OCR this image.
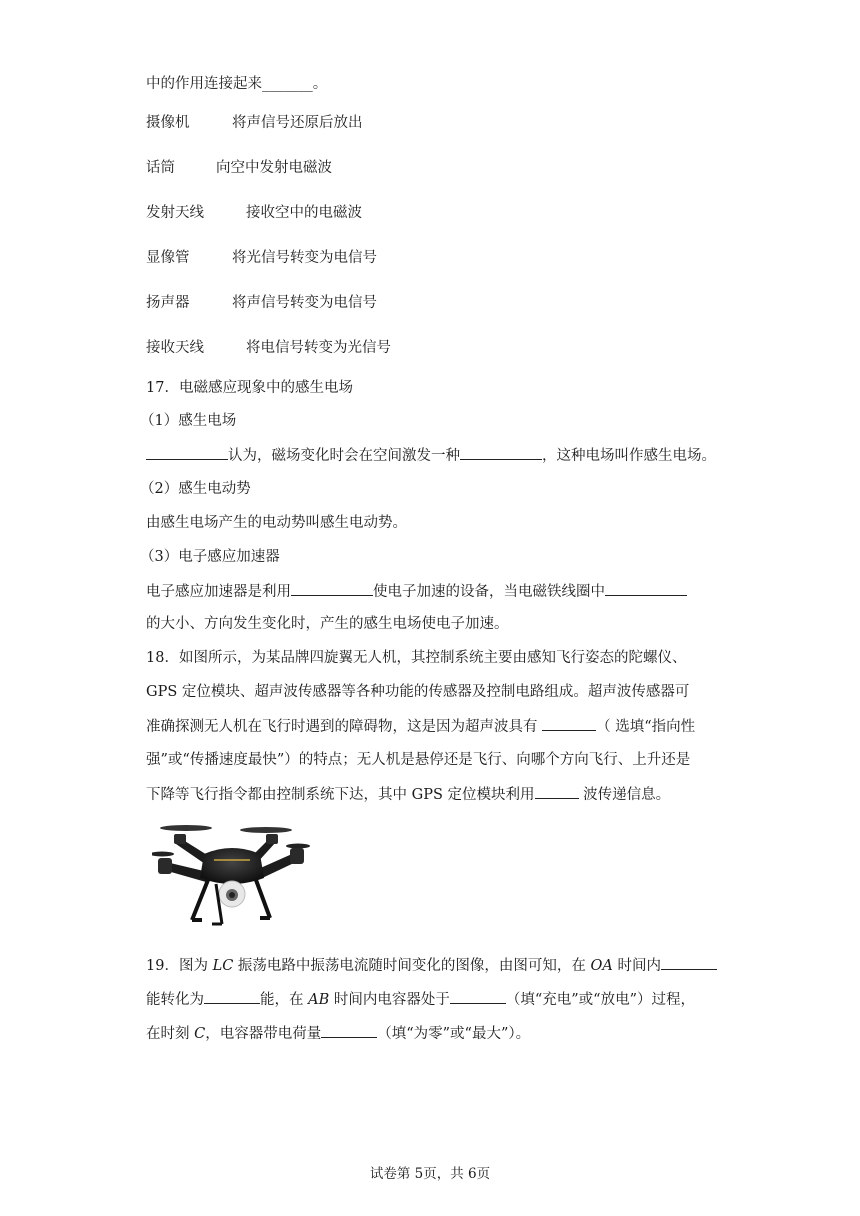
中的作用连接起来_______。
摄像机	将声信号还原后放出
话筒	向空中发射电磁波
发射天线	接收空中的电磁波
显像管	将光信号转变为电信号
扬声器	将声信号转变为电信号
接收天线	将电信号转变为光信号
17．电磁感应现象中的感生电场
（1）感生电场
认为，磁场变化时会在空间激发一种	，这种电场叫作感生电场。
（2）感生电动势
由感生电场产生的电动势叫感生电动势。
（3）电子感应加速器
电子感应加速器是利用	使电子加速的设备，当电磁铁线圈中
的大小、方向发生变化时，产生的感生电场使电子加速。
18．如图所示，为某品牌四旋翼无人机，其控制系统主要由感知飞行姿态的陀螺仪、
GPS 定位模块、超声波传感器等各种功能的传感器及控制电路组成。超声波传感器可
准确探测无人机在飞行时遇到的障碍物，这是因为超声波具有	（ 选填“指向性
强”或“传播速度最快”）的特点；无人机是悬停还是飞行、向哪个方向飞行、上升还是
下降等飞行指令都由控制系统下达，其中 GPS 定位模块利用	波传递信息。
19．图为 LC 振荡电路中振荡电流随时间变化的图像，由图可知，在 OA 时间内
能转化为	能，在 AB 时间内电容器处于	（填“充电”或“放电”）过程，
在时刻 C，电容器带电荷量	（填“为零”或“最大”）。
试卷第 5页，共 6页
